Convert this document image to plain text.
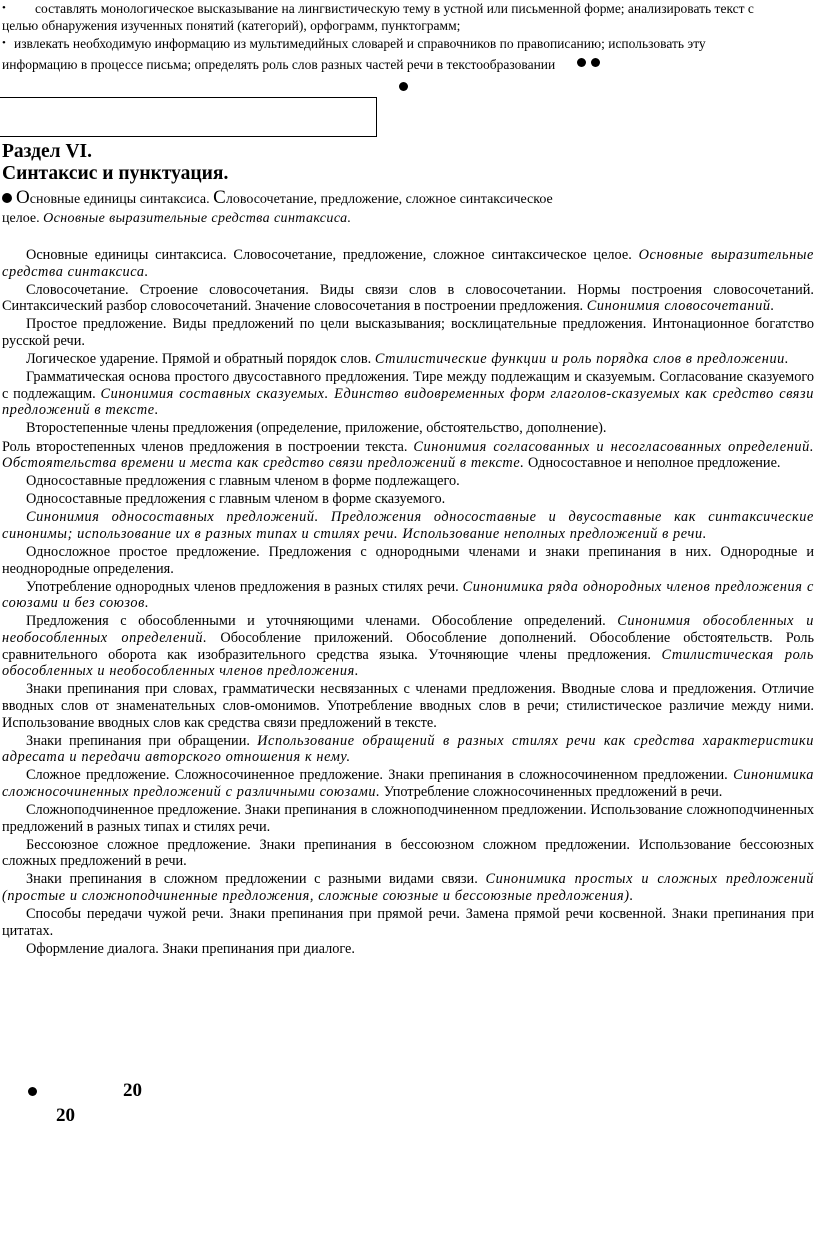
• составлять монологическое высказывание на лингвистическую тему в устной или письменной форме; анализировать текст с
целью обнаружения изученных понятий (категорий), орфограмм, пунктограмм;
• извлекать необходимую информацию из мультимедийных словарей и справочников по правописанию; использовать эту
информацию в процессе письма; определять роль слов разных частей речи в текстообразовании
Раздел VI.
Синтаксис и пунктуация.
Основные единицы синтаксиса. Словосочетание, предложение, сложное синтаксическое
целое. Основные выразительные средства синтаксиса.

Основные единицы синтаксиса. Словосочетание, предложение, сложное синтаксическое целое. Основные выразительные средства синтаксиса.

Словосочетание. Строение словосочетания. Виды связи слов в словосочетании. Нормы построения словосочетаний. Синтаксический разбор словосочетаний. Значение словосочетания в построении предложения. Синонимия словосочетаний.

Простое предложение. Виды предложений по цели высказывания; восклицательные предложения. Интонационное богатство русской речи.

Логическое ударение. Прямой и обратный порядок слов. Стилистические функции и роль порядка слов в предложении.

Грамматическая основа простого двусоставного предложения. Тире между подлежащим и сказуемым. Согласование сказуемого с подлежащим. Синонимия составных сказуемых. Единство видовременных форм глаголов-сказуемых как средство связи предложений в тексте.

Второстепенные члены предложения (определение, приложение, обстоятельство, дополнение).

Роль второстепенных членов предложения в построении текста. Синонимия согласованных и несогласованных определений. Обстоятельства времени и места как средство связи предложений в тексте. Односоставное и неполное предложение.

Односоставные предложения с главным членом в форме подлежащего.

Односоставные предложения с главным членом в форме сказуемого.

Синонимия односоставных предложений. Предложения односоставные и двусоставные как синтаксические синонимы; использование их в разных типах и стилях речи. Использование неполных предложений в речи.

Односложное простое предложение. Предложения с однородными членами и знаки препинания в них. Однородные и неоднородные определения.

Употребление однородных членов предложения в разных стилях речи. Синонимика ряда однородных членов предложения с союзами и без союзов.

Предложения с обособленными и уточняющими членами. Обособление определений. Синонимия обособленных и необособленных определений. Обособление приложений. Обособление дополнений. Обособление обстоятельств. Роль сравнительного оборота как изобразительного средства языка. Уточняющие члены предложения. Стилистическая роль обособленных и необособленных членов предложения.

Знаки препинания при словах, грамматически несвязанных с членами предложения. Вводные слова и предложения. Отличие вводных слов от знаменательных слов-омонимов. Употребление вводных слов в речи; стилистическое различие между ними. Использование вводных слов как средства связи предложений в тексте.

Знаки препинания при обращении. Использование обращений в разных стилях речи как средства характеристики адресата и передачи авторского отношения к нему.

Сложное предложение. Сложносочиненное предложение. Знаки препинания в сложносочиненном предложении. Синонимика сложносочиненных предложений с различными союзами. Употребление сложносочиненных предложений в речи.

Сложноподчиненное предложение. Знаки препинания в сложноподчиненном предложении. Использование сложноподчиненных предложений в разных типах и стилях речи.

Бессоюзное сложное предложение. Знаки препинания в бессоюзном сложном предложении. Использование бессоюзных сложных предложений в речи.

Знаки препинания в сложном предложении с разными видами связи. Синонимика простых и сложных предложений (простые и сложноподчиненные предложения, сложные союзные и бессоюзные предложения).

Способы передачи чужой речи. Знаки препинания при прямой речи. Замена прямой речи косвенной. Знаки препинания при цитатах.

Оформление диалога. Знаки препинания при диалоге.

20
20
